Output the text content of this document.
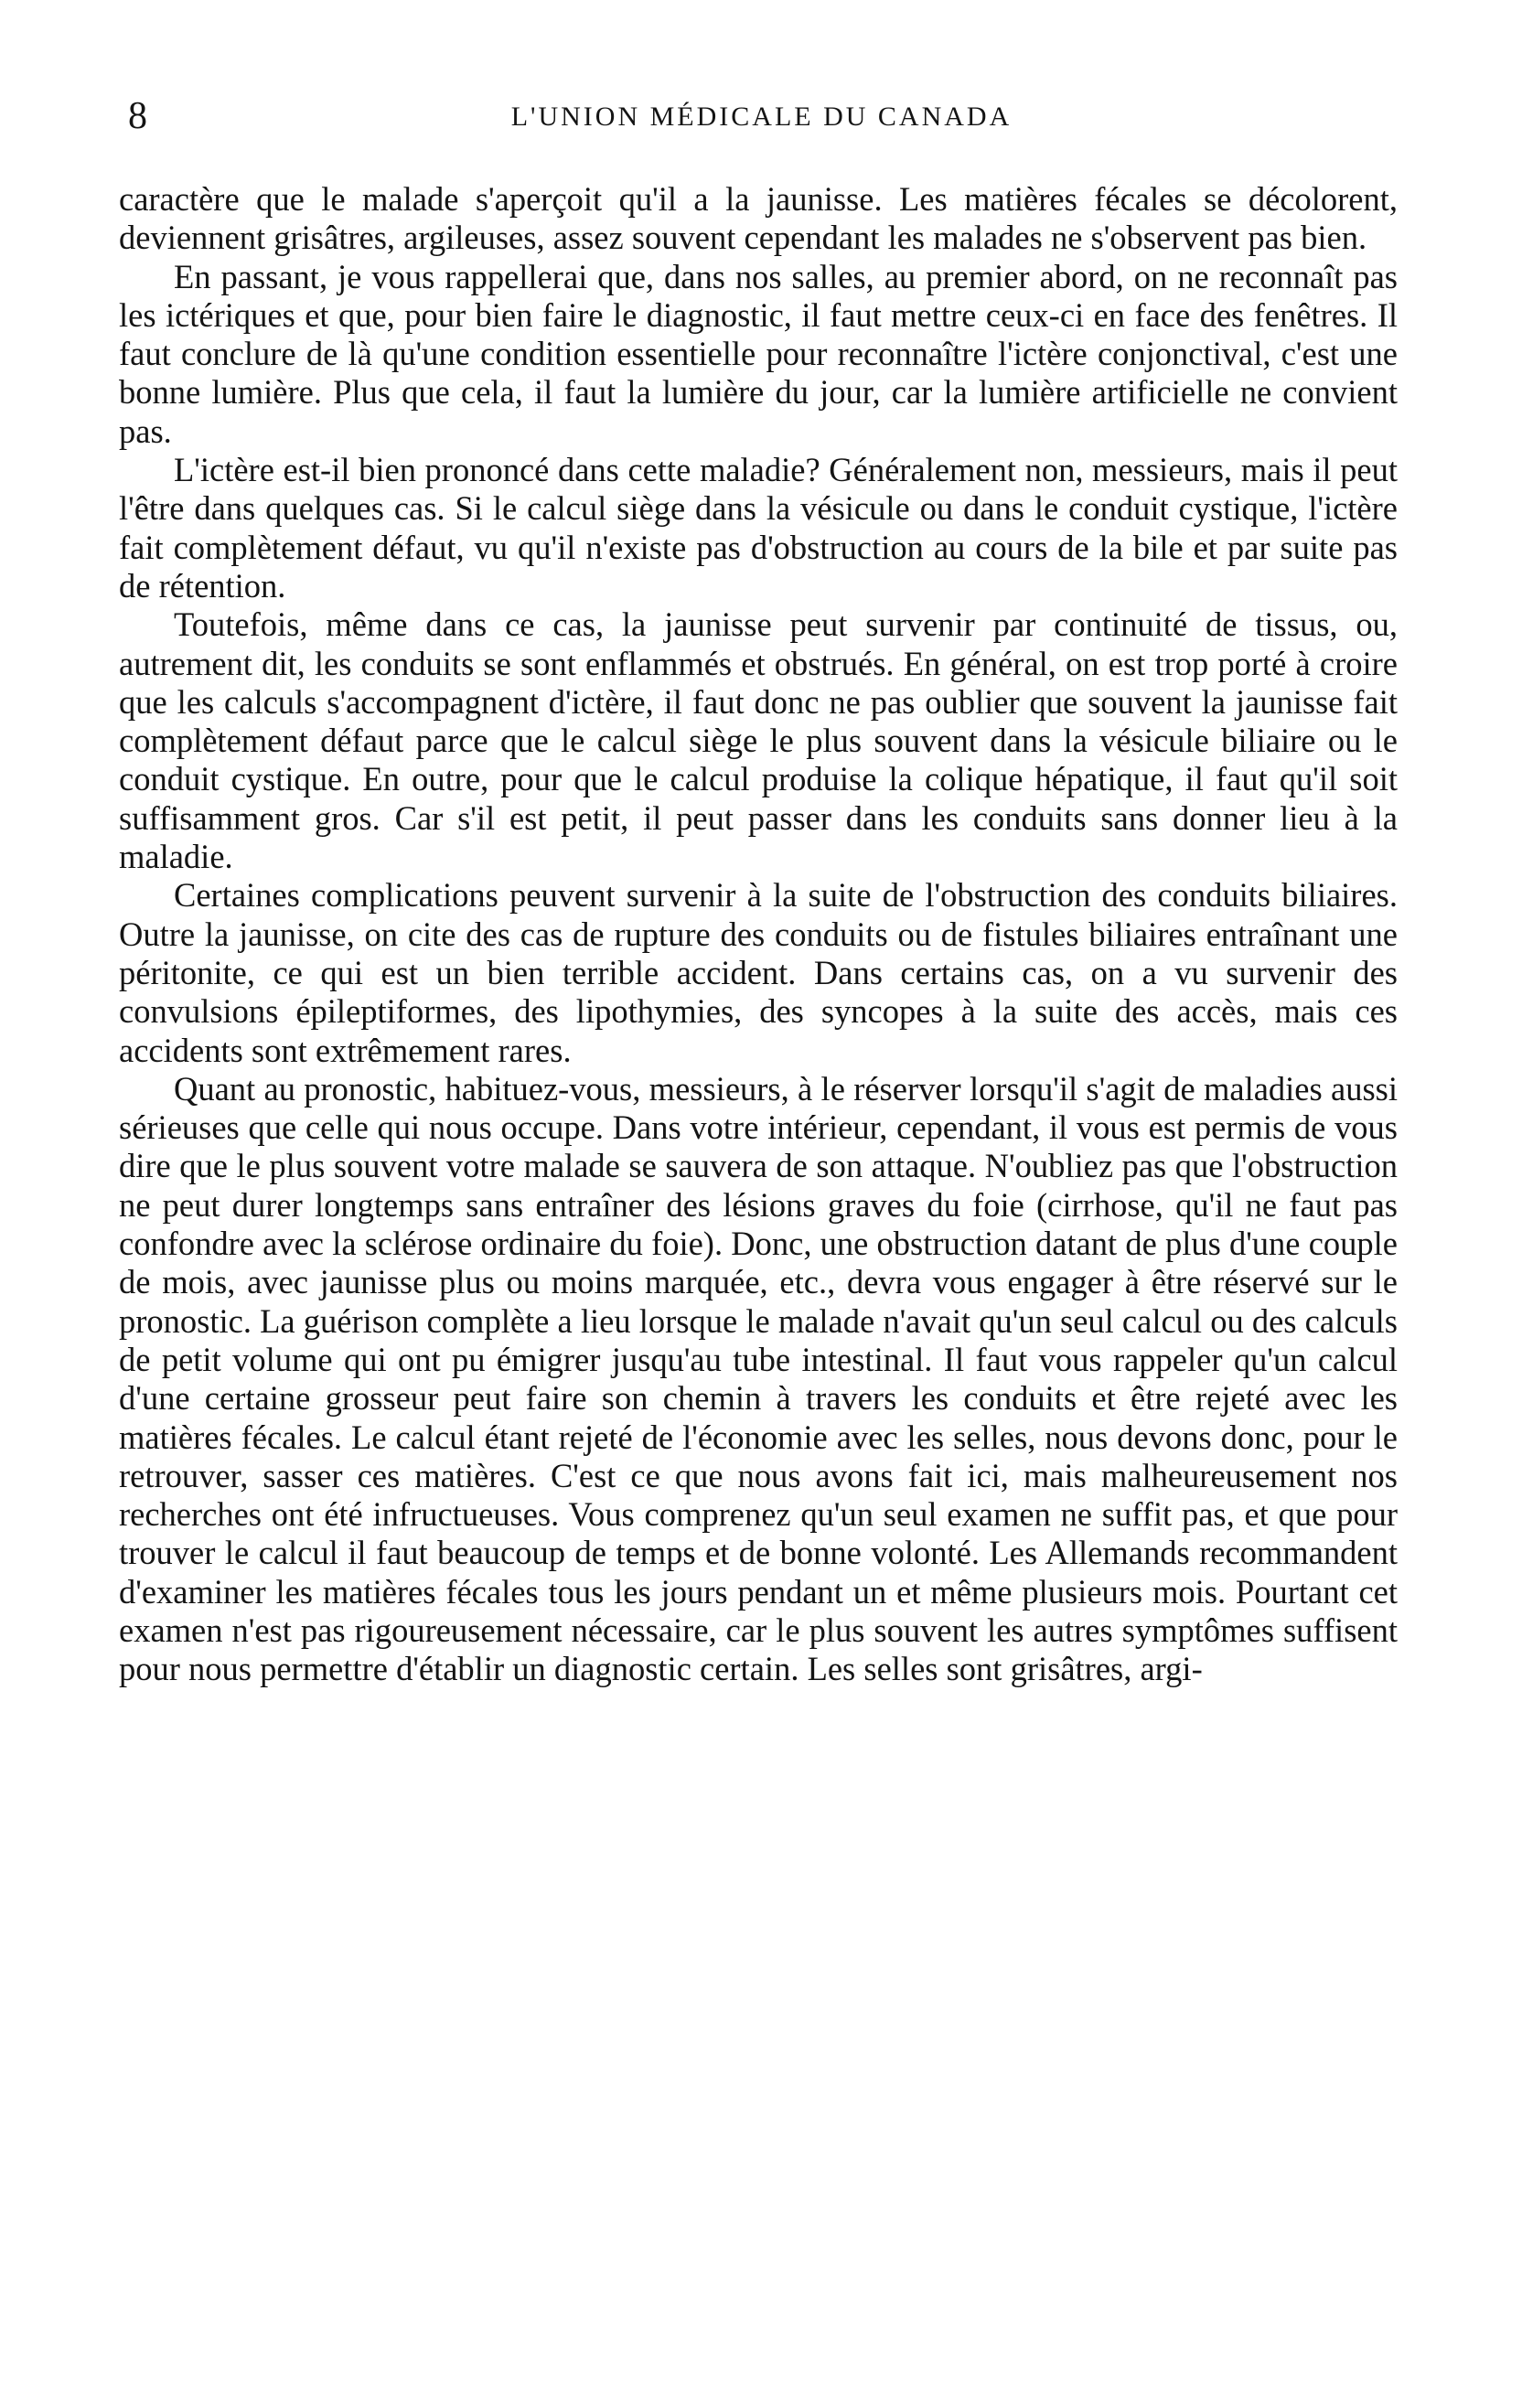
8	L'UNION MÉDICALE DU CANADA

caractère que le malade s'aperçoit qu'il a la jaunisse. Les matières fécales se décolorent, deviennent grisâtres, argileuses, assez souvent cependant les malades ne s'observent pas bien.

En passant, je vous rappellerai que, dans nos salles, au premier abord, on ne reconnaît pas les ictériques et que, pour bien faire le diagnostic, il faut mettre ceux-ci en face des fenêtres. Il faut conclure de là qu'une condition essentielle pour reconnaître l'ictère conjonctival, c'est une bonne lumière. Plus que cela, il faut la lumière du jour, car la lumière artificielle ne convient pas.

L'ictère est-il bien prononcé dans cette maladie? Généralement non, messieurs, mais il peut l'être dans quelques cas. Si le calcul siège dans la vésicule ou dans le conduit cystique, l'ictère fait complètement défaut, vu qu'il n'existe pas d'obstruction au cours de la bile et par suite pas de rétention.

Toutefois, même dans ce cas, la jaunisse peut survenir par continuité de tissus, ou, autrement dit, les conduits se sont enflammés et obstrués. En général, on est trop porté à croire que les calculs s'accompagnent d'ictère, il faut donc ne pas oublier que souvent la jaunisse fait complètement défaut parce que le calcul siège le plus souvent dans la vésicule biliaire ou le conduit cystique. En outre, pour que le calcul produise la colique hépatique, il faut qu'il soit suffisamment gros. Car s'il est petit, il peut passer dans les conduits sans donner lieu à la maladie.

Certaines complications peuvent survenir à la suite de l'obstruction des conduits biliaires. Outre la jaunisse, on cite des cas de rupture des conduits ou de fistules biliaires entraînant une péritonite, ce qui est un bien terrible accident. Dans certains cas, on a vu survenir des convulsions épileptiformes, des lipothymies, des syncopes à la suite des accès, mais ces accidents sont extrêmement rares.

Quant au pronostic, habituez-vous, messieurs, à le réserver lorsqu'il s'agit de maladies aussi sérieuses que celle qui nous occupe. Dans votre intérieur, cependant, il vous est permis de vous dire que le plus souvent votre malade se sauvera de son attaque. N'oubliez pas que l'obstruction ne peut durer longtemps sans entraîner des lésions graves du foie (cirrhose, qu'il ne faut pas confondre avec la sclérose ordinaire du foie). Donc, une obstruction datant de plus d'une couple de mois, avec jaunisse plus ou moins marquée, etc., devra vous engager à être réservé sur le pronostic. La guérison complète a lieu lorsque le malade n'avait qu'un seul calcul ou des calculs de petit volume qui ont pu émigrer jusqu'au tube intestinal. Il faut vous rappeler qu'un calcul d'une certaine grosseur peut faire son chemin à travers les conduits et être rejeté avec les matières fécales. Le calcul étant rejeté de l'économie avec les selles, nous devons donc, pour le retrouver, sasser ces matières. C'est ce que nous avons fait ici, mais malheureusement nos recherches ont été infructueuses. Vous comprenez qu'un seul examen ne suffit pas, et que pour trouver le calcul il faut beaucoup de temps et de bonne volonté. Les Allemands recommandent d'examiner les matières fécales tous les jours pendant un et même plusieurs mois. Pourtant cet examen n'est pas rigoureusement nécessaire, car le plus souvent les autres symptômes suffisent pour nous permettre d'établir un diagnostic certain. Les selles sont grisâtres, argi-
